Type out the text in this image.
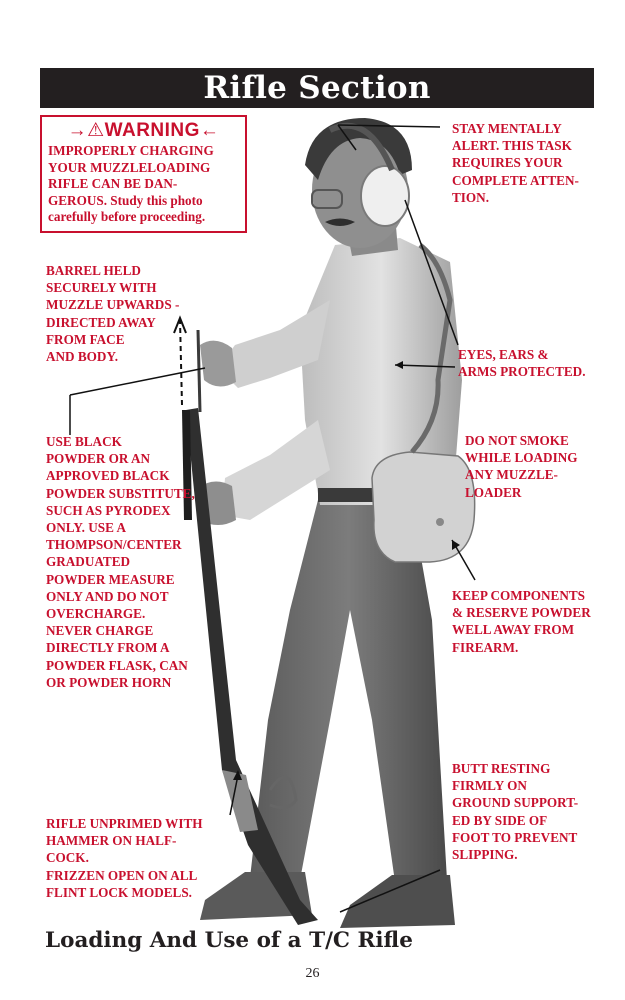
Rifle Section
→⚠WARNING←
IMPROPERLY CHARGING
YOUR MUZZLELOADING
RIFLE CAN BE DAN-
GEROUS. Study this photo
carefully before proceeding.
STAY MENTALLY
ALERT. THIS TASK
REQUIRES YOUR
COMPLETE ATTEN-
TION.
BARREL HELD
SECURELY WITH
MUZZLE UPWARDS -
DIRECTED AWAY
FROM FACE
AND BODY.	EYES, EARS &
ARMS PROTECTED.
USE BLACK
POWDER OR AN
APPROVED BLACK
POWDER SUBSTITUTE,
SUCH AS PYRODEX
ONLY. USE A
THOMPSON/CENTER
GRADUATED
POWDER MEASURE
ONLY AND DO NOT
OVERCHARGE.
NEVER CHARGE
DIRECTLY FROM A
POWDER FLASK, CAN
OR POWDER HORN
DO NOT SMOKE
WHILE LOADING
ANY MUZZLE-
LOADER
KEEP COMPONENTS
& RESERVE POWDER
WELL AWAY FROM
FIREARM.
BUTT RESTING
FIRMLY ON
GROUND SUPPORT-
ED BY SIDE OF
FOOT TO PREVENT
SLIPPING.
RIFLE UNPRIMED WITH
HAMMER ON HALF-
COCK.
FRIZZEN OPEN ON ALL
FLINT LOCK MODELS.
Loading And Use of a T/C Rifle
26
